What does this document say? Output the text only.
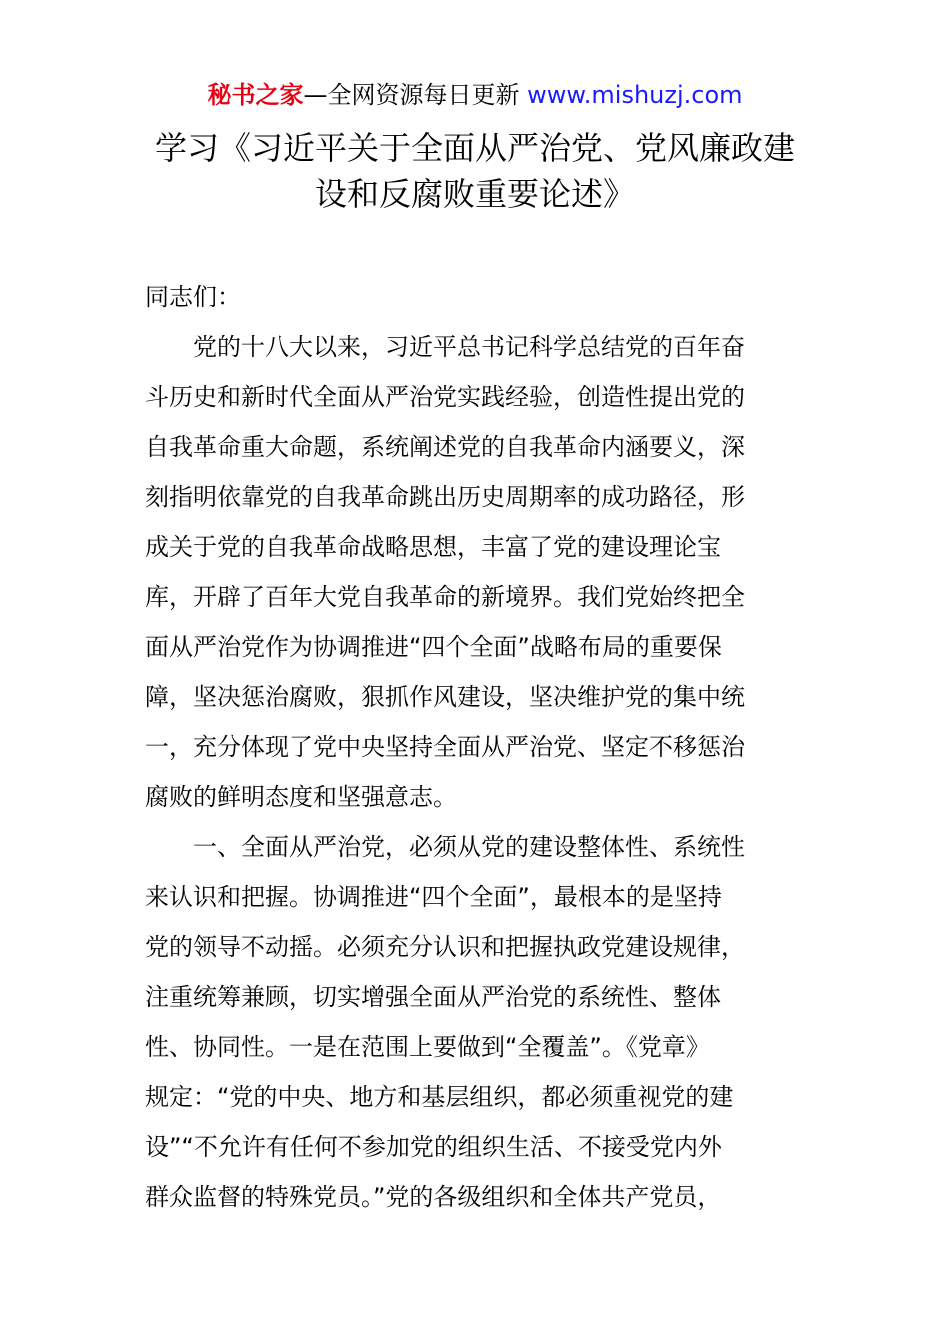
秘书之家—全网资源每日更新 www.mishuzj.com
学习《习近平关于全面从严治党、党风廉政建
设和反腐败重要论述》
同志们：
党的十八大以来，习近平总书记科学总结党的百年奋
斗历史和新时代全面从严治党实践经验，创造性提出党的
自我革命重大命题，系统阐述党的自我革命内涵要义，深
刻指明依靠党的自我革命跳出历史周期率的成功路径，形
成关于党的自我革命战略思想，丰富了党的建设理论宝
库，开辟了百年大党自我革命的新境界。我们党始终把全
面从严治党作为协调推进“四个全面”战略布局的重要保
障，坚决惩治腐败，狠抓作风建设，坚决维护党的集中统
一，充分体现了党中央坚持全面从严治党、坚定不移惩治
腐败的鲜明态度和坚强意志。
一、全面从严治党，必须从党的建设整体性、系统性
来认识和把握。协调推进“四个全面”，最根本的是坚持
党的领导不动摇。必须充分认识和把握执政党建设规律，
注重统筹兼顾，切实增强全面从严治党的系统性、整体
性、协同性。一是在范围上要做到“全覆盖”。《党章》
规定：“党的中央、地方和基层组织，都必须重视党的建
设”“不允许有任何不参加党的组织生活、不接受党内外
群众监督的特殊党员。”党的各级组织和全体共产党员，
